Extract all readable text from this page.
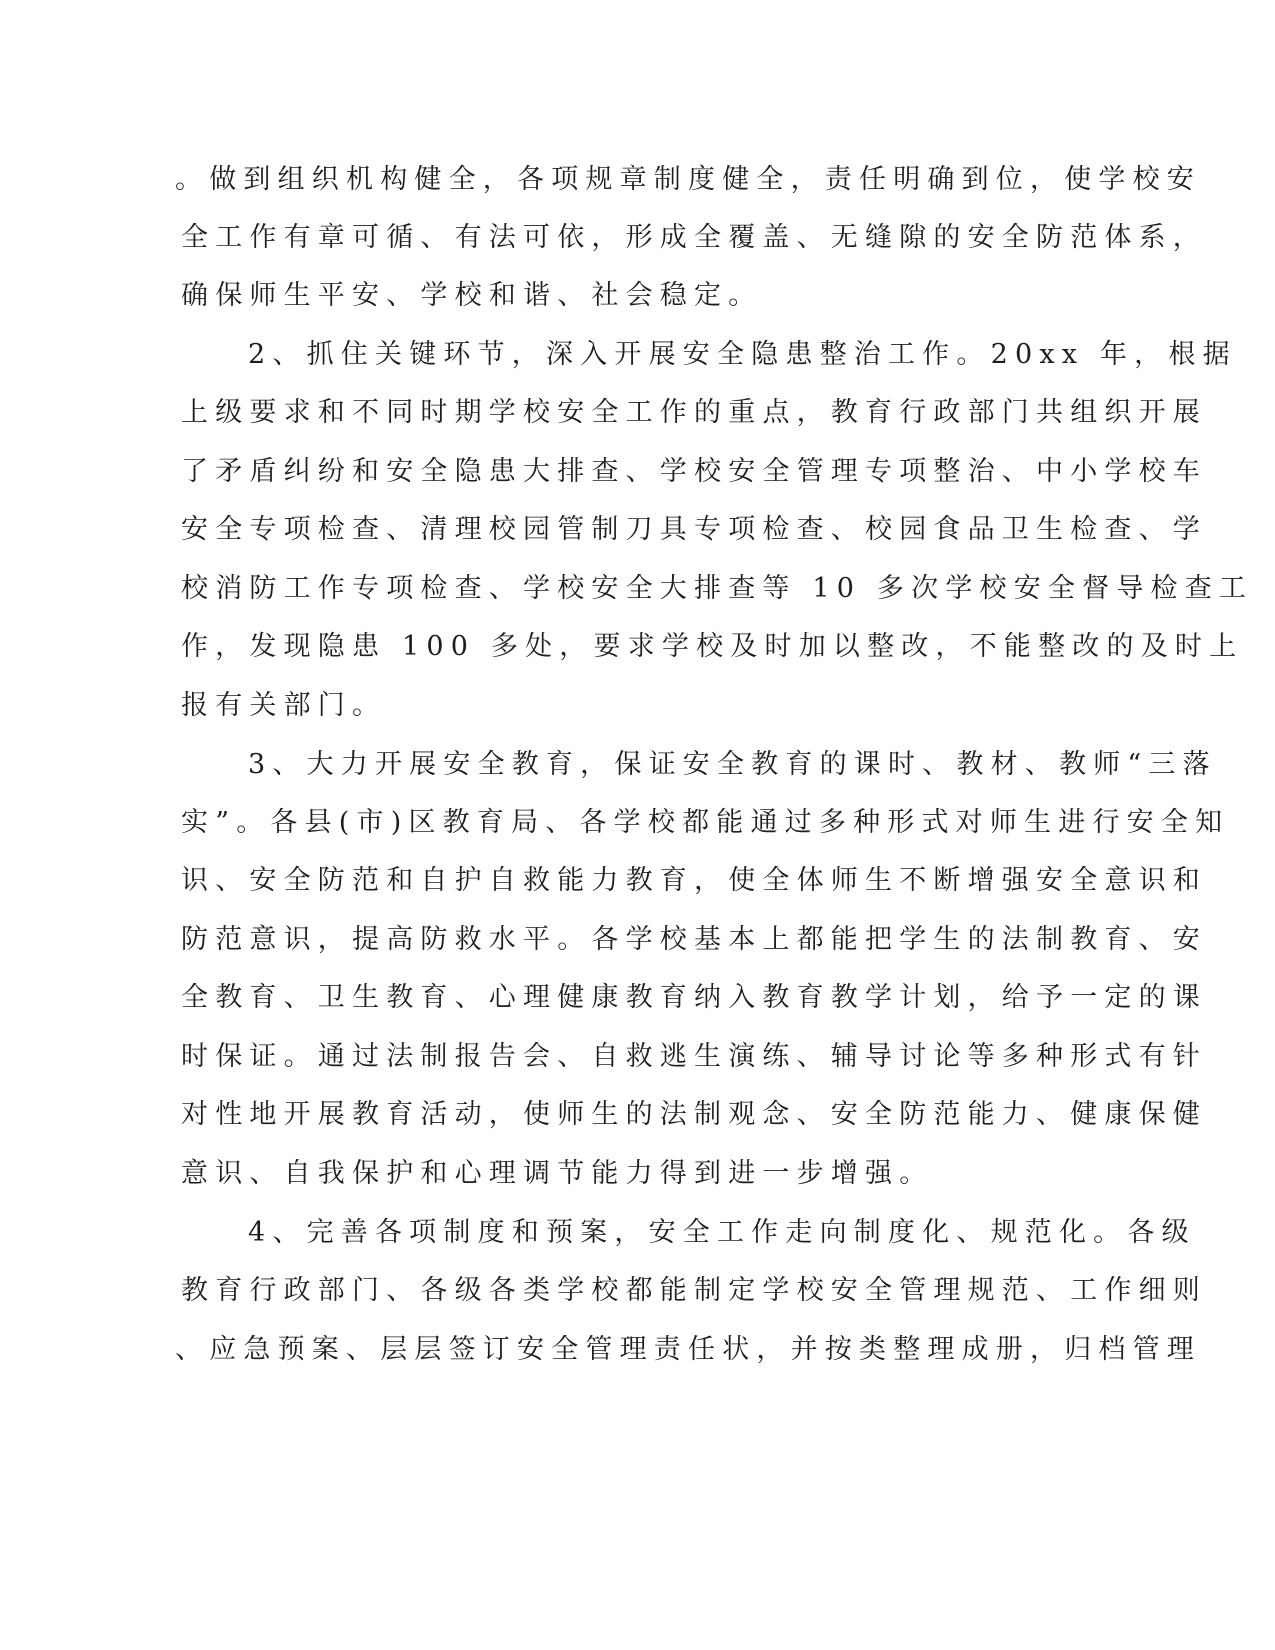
。做到组织机构健全，各项规章制度健全，责任明确到位，使学校安
全工作有章可循、有法可依，形成全覆盖、无缝隙的安全防范体系，
确保师生平安、学校和谐、社会稳定。
2、抓住关键环节，深入开展安全隐患整治工作。20xx 年，根据
上级要求和不同时期学校安全工作的重点，教育行政部门共组织开展
了矛盾纠纷和安全隐患大排查、学校安全管理专项整治、中小学校车
安全专项检查、清理校园管制刀具专项检查、校园食品卫生检查、学
校消防工作专项检查、学校安全大排查等 10 多次学校安全督导检查工
作，发现隐患 100 多处，要求学校及时加以整改，不能整改的及时上
报有关部门。
3、大力开展安全教育，保证安全教育的课时、教材、教师“三落
实”。各县(市)区教育局、各学校都能通过多种形式对师生进行安全知
识、安全防范和自护自救能力教育，使全体师生不断增强安全意识和
防范意识，提高防救水平。各学校基本上都能把学生的法制教育、安
全教育、卫生教育、心理健康教育纳入教育教学计划，给予一定的课
时保证。通过法制报告会、自救逃生演练、辅导讨论等多种形式有针
对性地开展教育活动，使师生的法制观念、安全防范能力、健康保健
意识、自我保护和心理调节能力得到进一步增强。
4、完善各项制度和预案，安全工作走向制度化、规范化。各级
教育行政部门、各级各类学校都能制定学校安全管理规范、工作细则
、应急预案、层层签订安全管理责任状，并按类整理成册，归档管理
